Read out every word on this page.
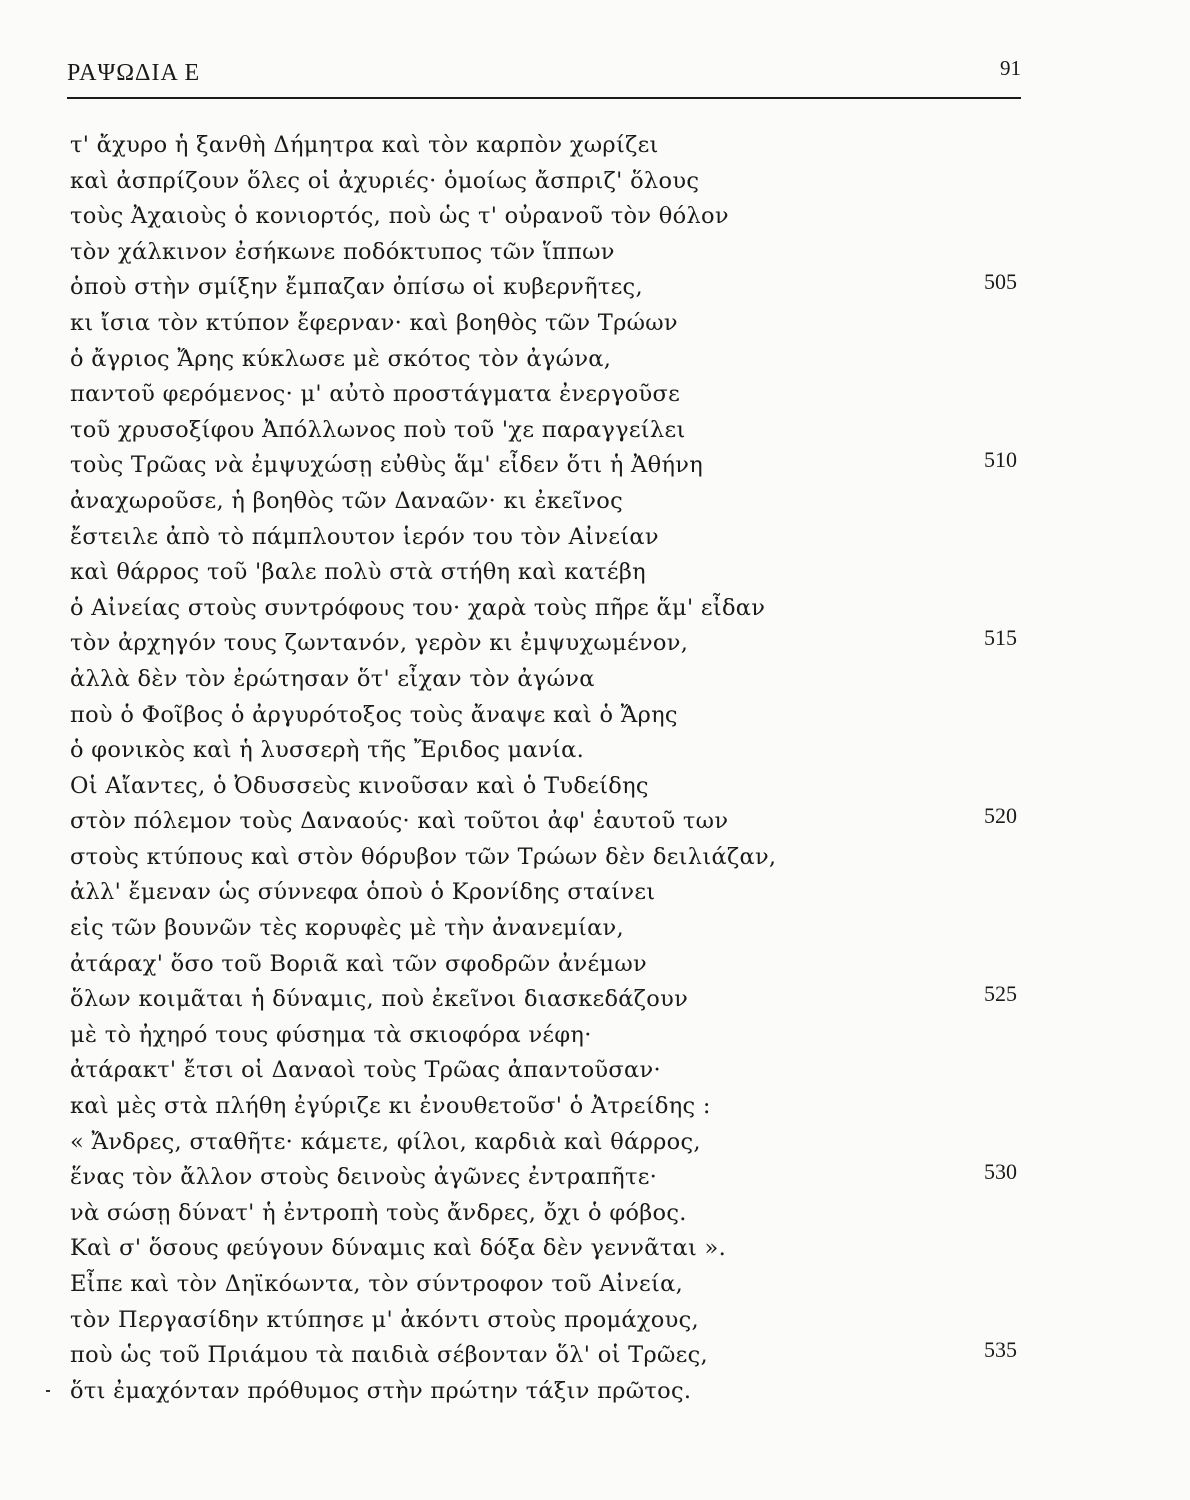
ΡΑΨΩΔΙΑ Ε	91
τ' ἄχυρο ἡ ξανθὴ Δήμητρα καὶ τὸν καρπὸν χωρίζει
καὶ ἀσπρίζουν ὅλες οἱ ἀχυριές· ὁμοίως ἄσπριζ' ὅλους
τοὺς Ἀχαιοὺς ὁ κονιορτός, ποὺ ὡς τ' οὐρανοῦ τὸν θόλον
τὸν χάλκινον ἐσήκωνε ποδόκτυπος τῶν ἵππων
ὁποὺ στὴν σμίξην ἔμπαζαν ὀπίσω οἱ κυβερνῆτες,	505
κι ἴσια τὸν κτύπον ἔφερναν· καὶ βοηθὸς τῶν Τρώων
ὁ ἄγριος Ἄρης κύκλωσε μὲ σκότος τὸν ἀγώνα,
παντοῦ φερόμενος· μ' αὐτὸ προστάγματα ἐνεργοῦσε
τοῦ χρυσοξίφου Ἀπόλλωνος ποὺ τοῦ 'χε παραγγείλει
τοὺς Τρῶας νὰ ἐμψυχώσῃ εὐθὺς ἅμ' εἶδεν ὅτι ἡ Ἀθήνη	510
ἀναχωροῦσε, ἡ βοηθὸς τῶν Δαναῶν· κι ἐκεῖνος
ἔστειλε ἀπὸ τὸ πάμπλουτον ἱερόν του τὸν Αἰνείαν
καὶ θάρρος τοῦ 'βαλε πολὺ στὰ στήθη καὶ κατέβη
ὁ Αἰνείας στοὺς συντρόφους του· χαρὰ τοὺς πῆρε ἅμ' εἶδαν
τὸν ἀρχηγόν τους ζωντανόν, γερὸν κι ἐμψυχωμένον,	515
ἀλλὰ δὲν τὸν ἐρώτησαν ὅτ' εἶχαν τὸν ἀγώνα
ποὺ ὁ Φοῖβος ὁ ἀργυρότοξος τοὺς ἄναψε καὶ ὁ Ἄρης
ὁ φονικὸς καὶ ἡ λυσσερὴ τῆς Ἔριδος μανία.
Οἱ Αἴαντες, ὁ Ὀδυσσεὺς κινοῦσαν καὶ ὁ Τυδείδης
στὸν πόλεμον τοὺς Δαναούς· καὶ τοῦτοι ἀφ' ἑαυτοῦ των	520
στοὺς κτύπους καὶ στὸν θόρυβον τῶν Τρώων δὲν δειλιάζαν,
ἀλλ' ἔμεναν ὡς σύννεφα ὁποὺ ὁ Κρονίδης σταίνει
εἰς τῶν βουνῶν τὲς κορυφὲς μὲ τὴν ἀνανεμίαν,
ἀτάραχ' ὅσο τοῦ Βοριᾶ καὶ τῶν σφοδρῶν ἀνέμων
ὅλων κοιμᾶται ἡ δύναμις, ποὺ ἐκεῖνοι διασκεδάζουν	525
μὲ τὸ ἠχηρό τους φύσημα τὰ σκιοφόρα νέφη·
ἀτάρακτ' ἔτσι οἱ Δαναοὶ τοὺς Τρῶας ἀπαντοῦσαν·
καὶ μὲς στὰ πλήθη ἐγύριζε κι ἐνουθετοῦσ' ὁ Ἀτρείδης :
« Ἄνδρες, σταθῆτε· κάμετε, φίλοι, καρδιὰ καὶ θάρρος,
ἕνας τὸν ἄλλον στοὺς δεινοὺς ἀγῶνες ἐντραπῆτε·	530
νὰ σώσῃ δύνατ' ἡ ἐντροπὴ τοὺς ἄνδρες, ὄχι ὁ φόβος.
Καὶ σ' ὅσους φεύγουν δύναμις καὶ δόξα δὲν γεννᾶται ».
Εἶπε καὶ τὸν Δηϊκόωντα, τὸν σύντροφον τοῦ Αἰνεία,
τὸν Περγασίδην κτύπησε μ' ἀκόντι στοὺς προμάχους,
ποὺ ὡς τοῦ Πριάμου τὰ παιδιὰ σέβονταν ὅλ' οἱ Τρῶες,	535
ὅτι ἐμαχόνταν πρόθυμος στὴν πρώτην τάξιν πρῶτος.
